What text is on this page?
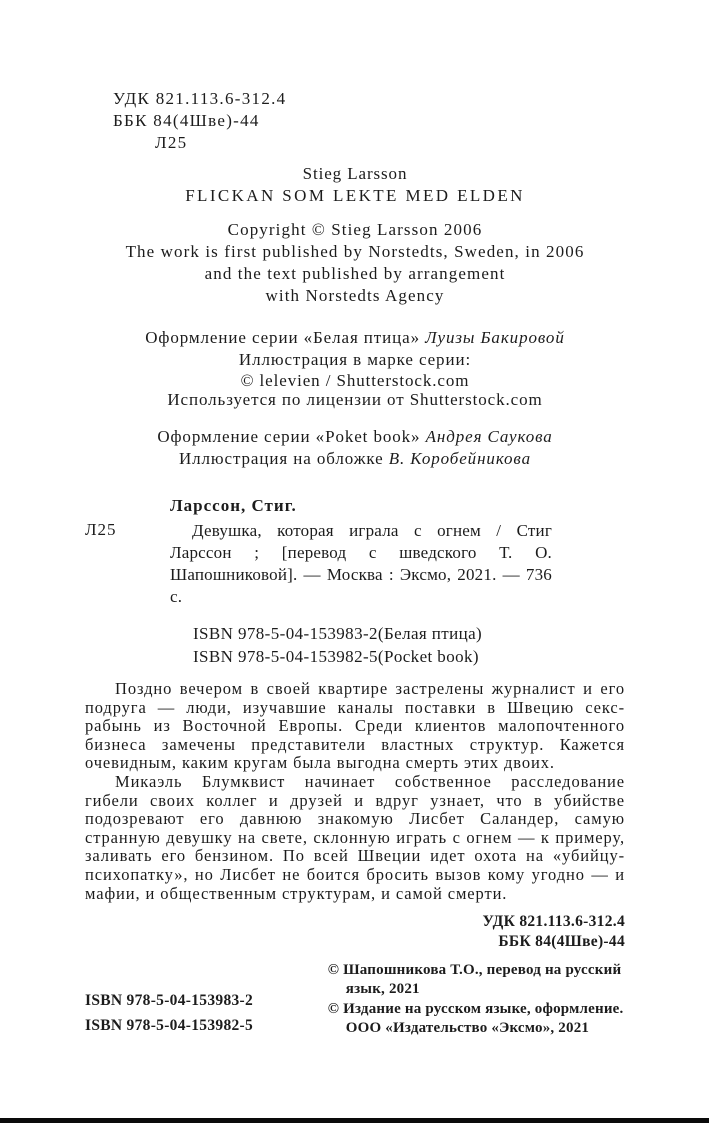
УДК 821.113.6-312.4
ББК 84(4Шве)-44
Л25
Stieg Larsson
FLICKAN SOM LEKTE MED ELDEN
Copyright © Stieg Larsson 2006
The work is first published by Norstedts, Sweden, in 2006
and the text published by arrangement
with Norstedts Agency
Оформление серии «Белая птица» Луизы Бакировой
Иллюстрация в марке серии:
© lelevien / Shutterstock.com
Используется по лицензии от Shutterstock.com
Оформление серии «Poket book» Андрея Саукова
Иллюстрация на обложке В. Коробейникова
Ларссон, Стиг.
Л25	Девушка, которая играла с огнем / Стиг Ларссон ; [перевод с шведского Т. О. Шапошниковой]. — Москва : Эксмо, 2021. — 736 с.
ISBN 978-5-04-153983-2(Белая птица)
ISBN 978-5-04-153982-5(Pocket book)

Поздно вечером в своей квартире застрелены журналист и его подруга — люди, изучавшие каналы поставки в Швецию секс-рабынь из Восточной Европы. Среди клиентов малопочтенного бизнеса замечены представители властных структур. Кажется очевидным, каким кругам была выгодна смерть этих двоих.

Микаэль Блумквист начинает собственное расследование гибели своих коллег и друзей и вдруг узнает, что в убийстве подозревают его давнюю знакомую Лисбет Саландер, самую странную девушку на свете, склонную играть с огнем — к примеру, заливать его бензином. По всей Швеции идет охота на «убийцу-психопатку», но Лисбет не боится бросить вызов кому угодно — и мафии, и общественным структурам, и самой смерти.

УДК 821.113.6-312.4
ББК 84(4Шве)-44
ISBN 978-5-04-153983-2
ISBN 978-5-04-153982-5
© Шапошникова Т.О., перевод на русский язык, 2021
© Издание на русском языке, оформление. ООО «Издательство «Эксмо», 2021
